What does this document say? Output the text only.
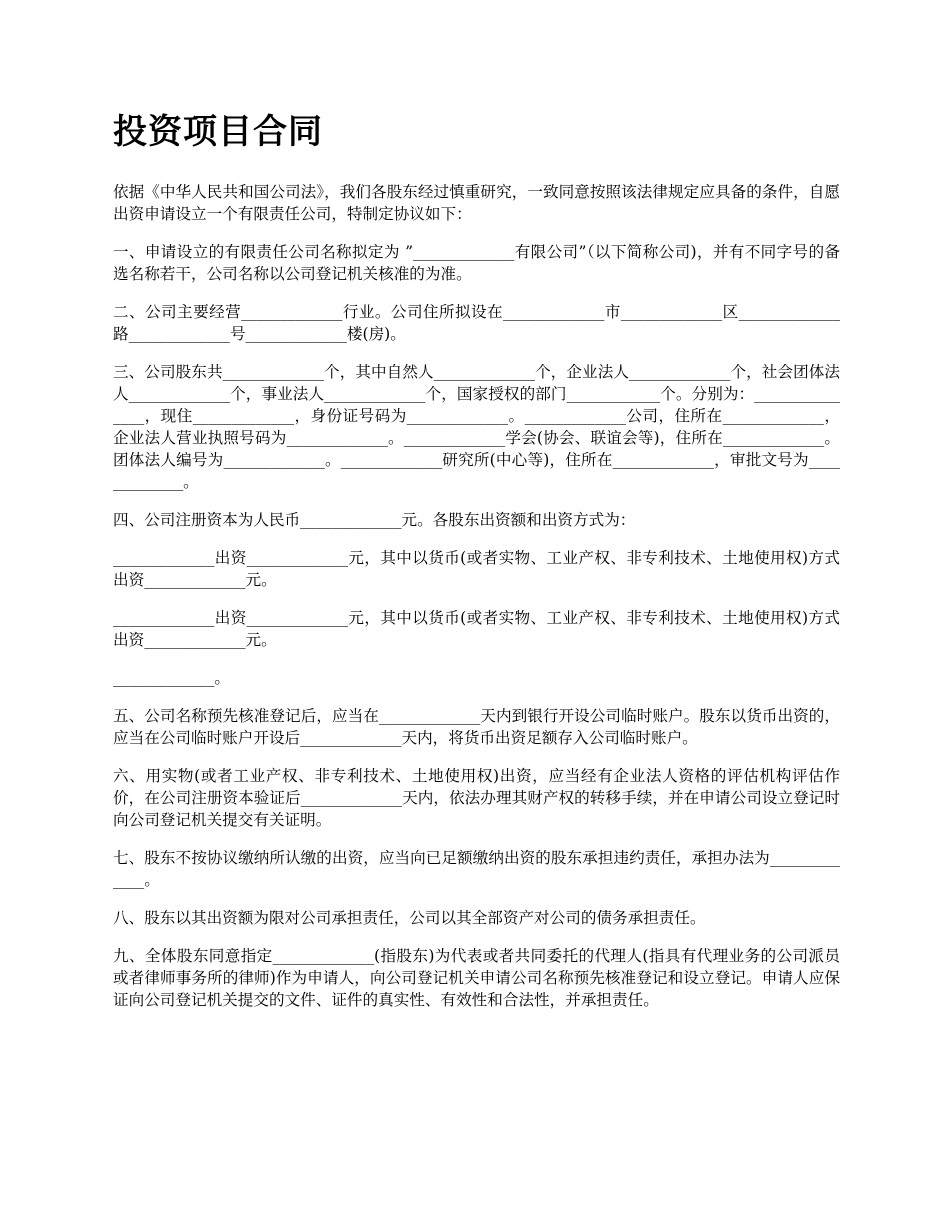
投资项目合同

依据《中华人民共和国公司法》，我们各股东经过慎重研究，一致同意按照该法律规定应具备的条件，自愿出资申请设立一个有限责任公司，特制定协议如下：

一、申请设立的有限责任公司名称拟定为 ”_____________有限公司”（以下简称公司)，并有不同字号的备选名称若干，公司名称以公司登记机关核准的为准。

二、公司主要经营_____________行业。公司住所拟设在_____________市_____________区_____________路_____________号_____________楼(房)。

三、公司股东共_____________个，其中自然人_____________个，企业法人_____________个，社会团体法人_____________个，事业法人_____________个，国家授权的部门____________个。分别为：_______________，现住_____________，身份证号码为_____________。_____________公司，住所在_____________，企业法人营业执照号码为_____________。_____________学会(协会、联谊会等)，住所在_____________。团体法人编号为_____________。_____________研究所(中心等)，住所在_____________，审批文号为_____________。

四、公司注册资本为人民币_____________元。各股东出资额和出资方式为：

_____________出资_____________元，其中以货币(或者实物、工业产权、非专利技术、土地使用权)方式出资_____________元。

_____________出资_____________元，其中以货币(或者实物、工业产权、非专利技术、土地使用权)方式出资_____________元。

_____________。

五、公司名称预先核准登记后，应当在_____________天内到银行开设公司临时账户。股东以货币出资的，应当在公司临时账户开设后_____________天内，将货币出资足额存入公司临时账户。

六、用实物(或者工业产权、非专利技术、土地使用权)出资，应当经有企业法人资格的评估机构评估作价，在公司注册资本验证后_____________天内，依法办理其财产权的转移手续，并在申请公司设立登记时向公司登记机关提交有关证明。

七、股东不按协议缴纳所认缴的出资，应当向已足额缴纳出资的股东承担违约责任，承担办法为_____________。

八、股东以其出资额为限对公司承担责任，公司以其全部资产对公司的债务承担责任。

九、全体股东同意指定_____________(指股东)为代表或者共同委托的代理人(指具有代理业务的公司派员或者律师事务所的律师)作为申请人，向公司登记机关申请公司名称预先核准登记和设立登记。申请人应保证向公司登记机关提交的文件、证件的真实性、有效性和合法性，并承担责任。
